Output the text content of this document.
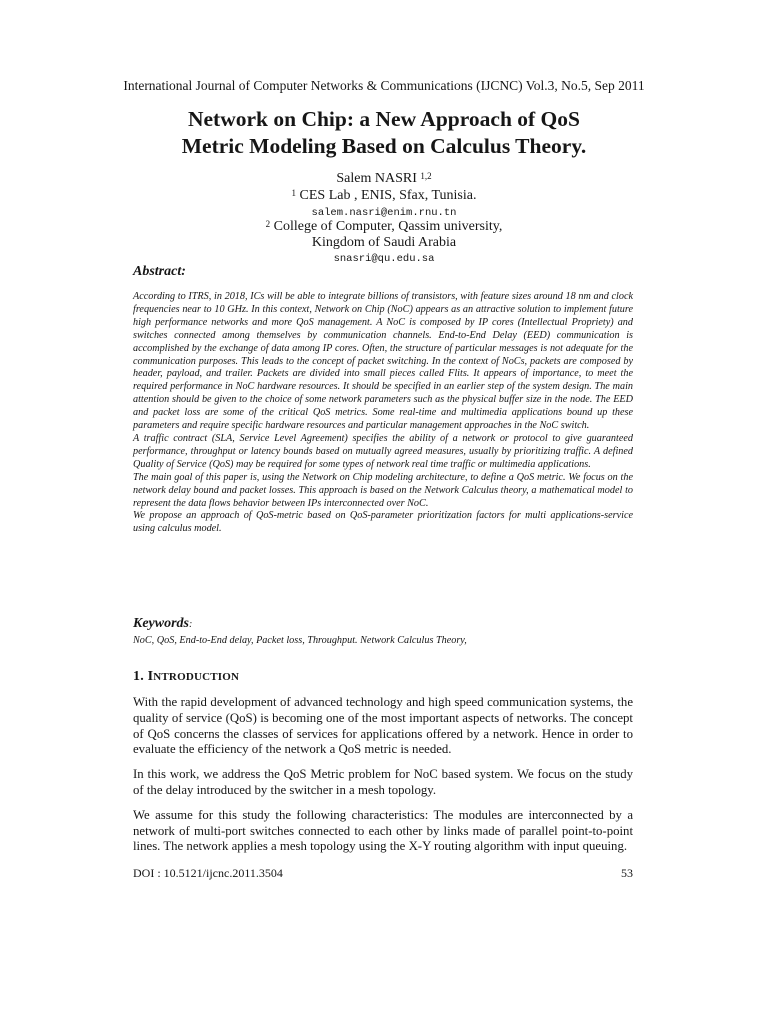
International Journal of Computer Networks & Communications (IJCNC) Vol.3, No.5, Sep 2011
Network on Chip: a New Approach of QoS
Metric Modeling Based on Calculus Theory.
Salem NASRI $^{1,2}$
$^1$ CES Lab , ENIS, Sfax, Tunisia.
salem.nasri@enim.rnu.tn
$^2$ College of Computer, Qassim university,
Kingdom of Saudi Arabia
snasri@qu.edu.sa
Abstract:

According to ITRS, in 2018, ICs will be able to integrate billions of transistors, with feature sizes around 18 nm and clock frequencies near to 10 GHz. In this context, Network on Chip (NoC) appears as an attractive solution to implement future high performance networks and more QoS management. A NoC is composed by IP cores (Intellectual Propriety) and switches connected among themselves by communication channels. End-to-End Delay (EED) communication is accomplished by the exchange of data among IP cores. Often, the structure of particular messages is not adequate for the communication purposes. This leads to the concept of packet switching. In the context of NoCs, packets are composed by header, payload, and trailer. Packets are divided into small pieces called Flits. It appears of importance, to meet the required performance in NoC hardware resources. It should be specified in an earlier step of the system design. The main attention should be given to the choice of some network parameters such as the physical buffer size in the node. The EED and packet loss are some of the critical QoS metrics. Some real-time and multimedia applications bound up these parameters and require specific hardware resources and particular management approaches in the NoC switch.

A traffic contract (SLA, Service Level Agreement) specifies the ability of a network or protocol to give guaranteed performance, throughput or latency bounds based on mutually agreed measures, usually by prioritizing traffic. A defined Quality of Service (QoS) may be required for some types of network real time traffic or multimedia applications.

The main goal of this paper is, using the Network on Chip modeling architecture, to define a QoS metric. We focus on the network delay bound and packet losses. This approach is based on the Network Calculus theory, a mathematical model to represent the data flows behavior between IPs interconnected over NoC.

We propose an approach of QoS-metric based on QoS-parameter prioritization factors for multi applications-service using calculus model.

Keywords:
NoC, QoS, End-to-End delay, Packet loss, Throughput. Network Calculus Theory,
1. INTRODUCTION

With the rapid development of advanced technology and high speed communication systems, the quality of service (QoS) is becoming one of the most important aspects of networks. The concept of QoS concerns the classes of services for applications offered by a network. Hence in order to evaluate the efficiency of the network a QoS metric is needed.

In this work, we address the QoS Metric problem for NoC based system. We focus on the study of the delay introduced by the switcher in a mesh topology.

We assume for this study the following characteristics: The modules are interconnected by a network of multi-port switches connected to each other by links made of parallel point-to-point lines. The network applies a mesh topology using the X-Y routing algorithm with input queuing.

DOI : 10.5121/ijcnc.2011.3504	53
